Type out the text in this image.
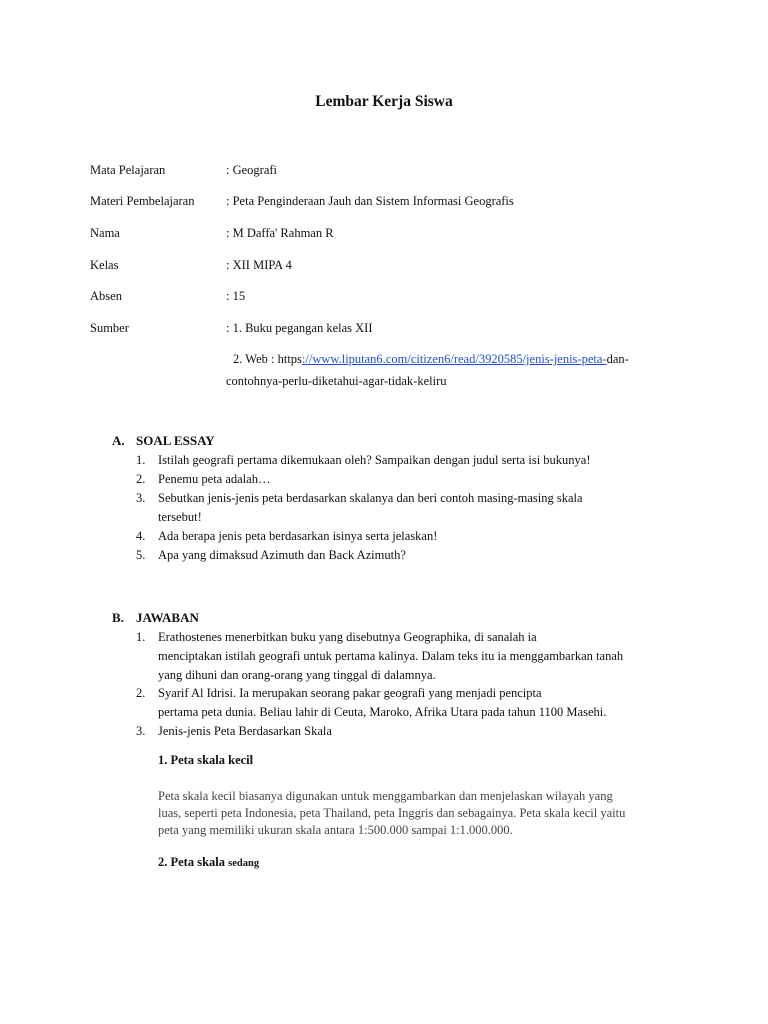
Lembar Kerja Siswa
Mata Pelajaran	: Geografi
Materi Pembelajaran	: Peta Penginderaan Jauh dan Sistem Informasi Geografis
Nama	: M Daffa' Rahman R
Kelas	: XII MIPA 4
Absen	: 15
Sumber	: 1. Buku pegangan kelas XII
2. Web : https://www.liputan6.com/citizen6/read/3920585/jenis-jenis-peta-dan-
contohnya-perlu-diketahui-agar-tidak-keliru
A. SOAL ESSAY
1.	Istilah geografi pertama dikemukaan oleh? Sampaikan dengan judul serta isi bukunya!
2.	Penemu peta adalah…
3.	Sebutkan jenis-jenis peta berdasarkan skalanya dan beri contoh masing-masing skala
tersebut!
4.	Ada berapa jenis peta berdasarkan isinya serta jelaskan!
5.	Apa yang dimaksud Azimuth dan Back Azimuth?
B. JAWABAN
1.	Erathostenes menerbitkan buku yang disebutnya Geographika, di sanalah ia
menciptakan istilah geografi untuk pertama kalinya. Dalam teks itu ia menggambarkan tanah
yang dihuni dan orang-orang yang tinggal di dalamnya.
2.	Syarif Al Idrisi. Ia merupakan seorang pakar geografi yang menjadi pencipta
pertama peta dunia. Beliau lahir di Ceuta, Maroko, Afrika Utara pada tahun 1100 Masehi.
3.	Jenis-jenis Peta Berdasarkan Skala
1. Peta skala kecil
Peta skala kecil biasanya digunakan untuk menggambarkan dan menjelaskan wilayah yang
luas, seperti peta Indonesia, peta Thailand, peta Inggris dan sebagainya. Peta skala kecil yaitu
peta yang memiliki ukuran skala antara 1:500.000 sampai 1:1.000.000.
2. Peta skala sedang
